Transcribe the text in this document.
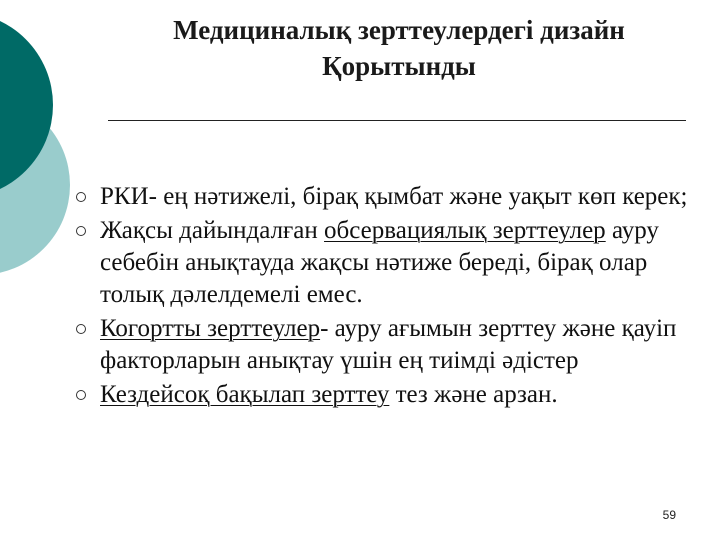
Медициналық зерттеулердегі дизайн
Қорытынды
РКИ- ең нәтижелі, бірақ қымбат және уақыт көп керек;
Жақсы дайындалған обсервациялық зерттеулер ауру себебін анықтауда жақсы нәтиже береді, бірақ олар толық дәлелдемелі емес.
Когортты зерттеулер- ауру ағымын зерттеу және қауіп факторларын анықтау үшін ең тиімді әдістер
Кездейсоқ бақылап зерттеу тез және арзан.
59
